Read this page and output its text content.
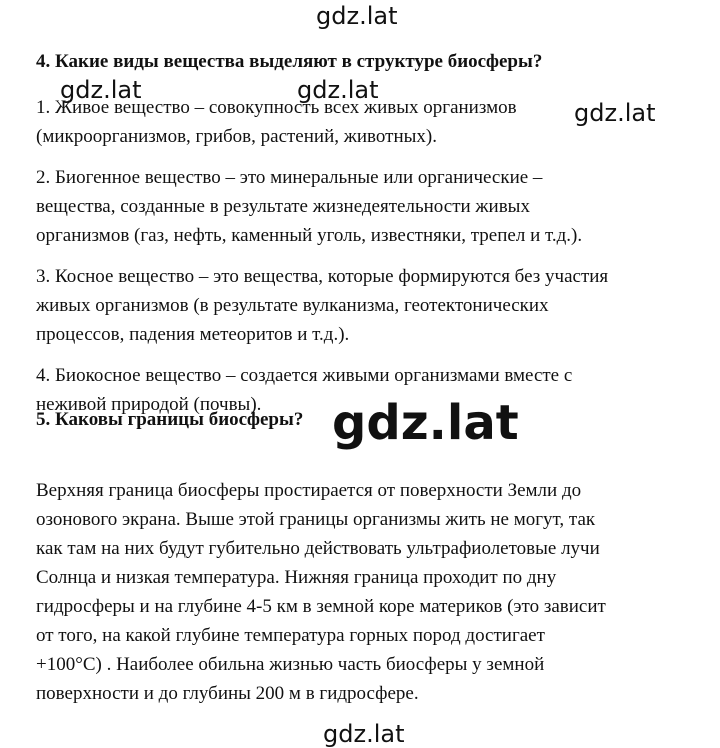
4. Какие виды вещества выделяют в структуре биосферы?

1. Живое вещество – совокупность всех живых организмов
(микроорганизмов, грибов, растений, животных).

2. Биогенное вещество – это минеральные или органические –
вещества, созданные в результате жизнедеятельности живых
организмов (газ, нефть, каменный уголь, известняки, трепел и т.д.).

3. Косное вещество – это вещества, которые формируются без участия
живых организмов (в результате вулканизма, геотектонических
процессов, падения метеоритов и т.д.).

4. Биокосное вещество – создается живыми организмами вместе с
неживой природой (почвы).

5. Каковы границы биосферы?

Верхняя граница биосферы простирается от поверхности Земли до
озонового экрана. Выше этой границы организмы жить не могут, так
как там на них будут губительно действовать ультрафиолетовые лучи
Солнца и низкая температура. Нижняя граница проходит по дну
гидросферы и на глубине 4-5 км в земной коре материков (это зависит
от того, на какой глубине температура горных пород достигает
+100°C) . Наиболее обильна жизнью часть биосферы у земной
поверхности и до глубины 200 м в гидросфере.

gdz.lat
gdz.lat	gdz.lat
gdz.lat
gdz.lat
gdz.lat
